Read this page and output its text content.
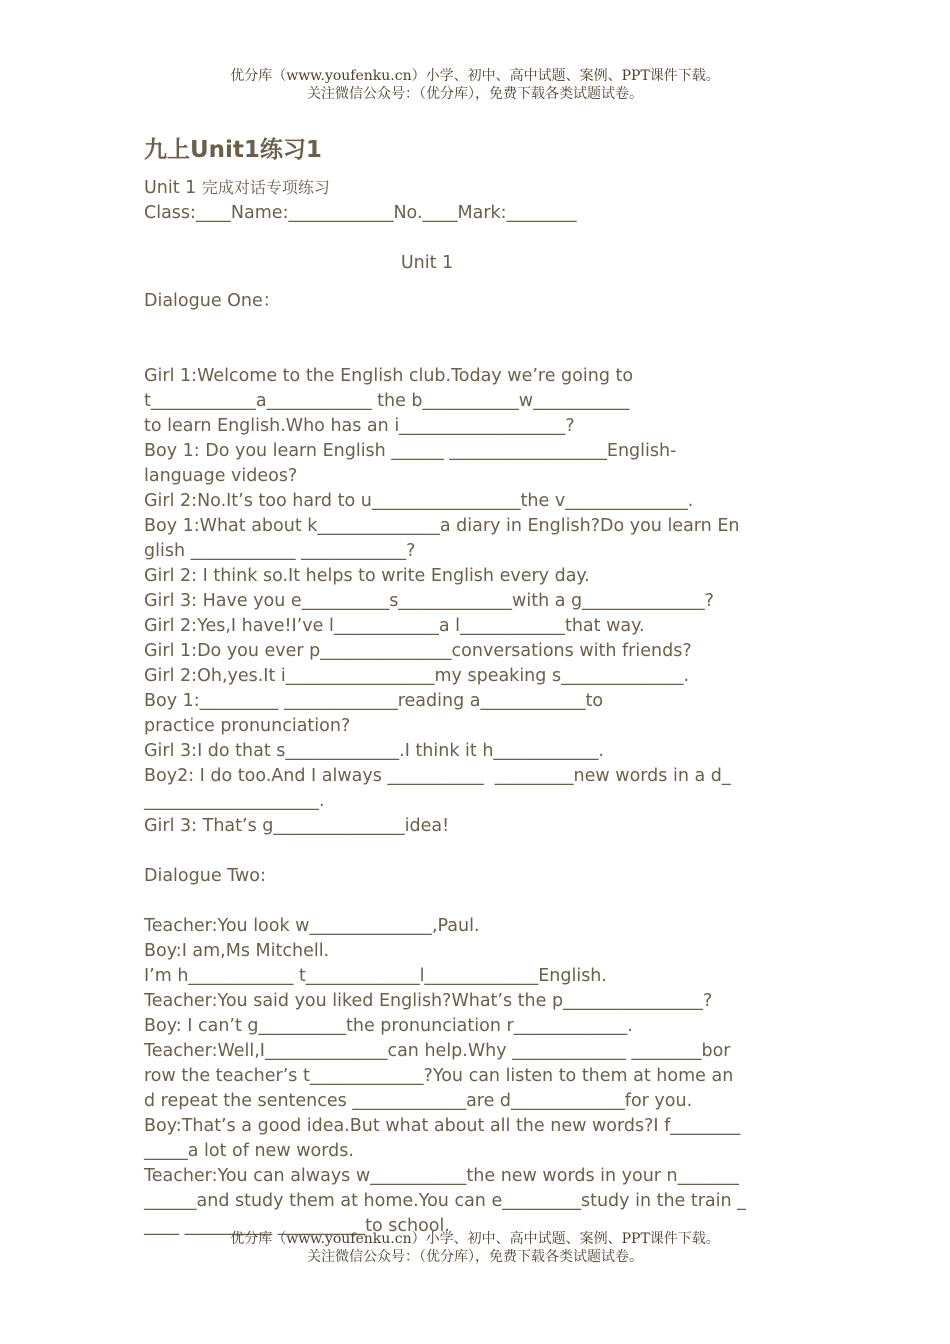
优分库（www.youfenku.cn）小学、初中、高中试题、案例、PPT课件下载。
关注微信公众号：（优分库），免费下载各类试题试卷。
九上Unit1练习1
Unit 1 完成对话专项练习
Class:____Name:____________No.____Mark:________
Unit 1
Dialogue One：
Girl 1:Welcome to the English club.Today we’re going to
t____________a____________ the b___________w___________
to learn English.Who has an i___________________?
Boy 1: Do you learn English ______ __________________English-
language videos?
Girl 2:No.It’s too hard to u_________________the v______________.
Boy 1:What about k______________a diary in English?Do you learn En
glish ____________ ____________?
Girl 2: I think so.It helps to write English every day.
Girl 3: Have you e__________s_____________with a g______________?
Girl 2:Yes,I have!I’ve l____________a l____________that way.
Girl 1:Do you ever p_______________conversations with friends?
Girl 2:Oh,yes.It i_________________my speaking s______________.
Boy 1:_________ _____________reading a____________to
practice pronunciation?
Girl 3:I do that s_____________.I think it h____________.
Boy2: I do too.And I always ___________  _________new words in a d_
____________________.
Girl 3: That’s g_______________idea!
Dialogue Two:
Teacher:You look w______________,Paul.
Boy:I am,Ms Mitchell.
I’m h____________ t_____________l_____________English.
Teacher:You said you liked English?What’s the p________________?
Boy: I can’t g__________the pronunciation r_____________.
Teacher:Well,I______________can help.Why _____________ ________bor
row the teacher’s t_____________?You can listen to them at home an
d repeat the sentences _____________are d_____________for you.
Boy:That’s a good idea.But what about all the new words?I f________
_____a lot of new words.
Teacher:You can always w___________the new words in your n_______
______and study them at home.You can e_________study in the train _
____ __________ __________to school.
优分库（www.youfenku.cn）小学、初中、高中试题、案例、PPT课件下载。
关注微信公众号：（优分库），免费下载各类试题试卷。
